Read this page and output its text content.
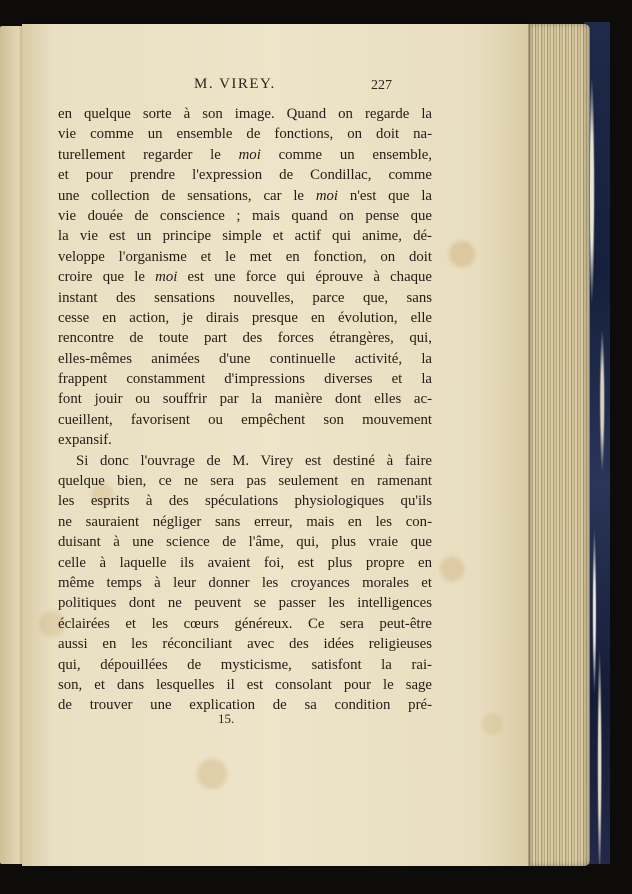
M. VIREY.	227
en quelque sorte à son image. Quand on regarde la
vie comme un ensemble de fonctions, on doit na-
turellement regarder le moi comme un ensemble,
et pour prendre l'expression de Condillac, comme
une collection de sensations, car le moi n'est que la
vie douée de conscience ; mais quand on pense que
la vie est un principe simple et actif qui anime, dé-
veloppe l'organisme et le met en fonction, on doit
croire que le moi est une force qui éprouve à chaque
instant des sensations nouvelles, parce que, sans
cesse en action, je dirais presque en évolution, elle
rencontre de toute part des forces étrangères, qui,
elles-mêmes animées d'une continuelle activité, la
frappent constamment d'impressions diverses et la
font jouir ou souffrir par la manière dont elles ac-
cueillent, favorisent ou empêchent son mouvement
expansif.
Si donc l'ouvrage de M. Virey est destiné à faire
quelque bien, ce ne sera pas seulement en ramenant
les esprits à des spéculations physiologiques qu'ils
ne sauraient négliger sans erreur, mais en les con-
duisant à une science de l'âme, qui, plus vraie que
celle à laquelle ils avaient foi, est plus propre en
même temps à leur donner les croyances morales et
politiques dont ne peuvent se passer les intelligences
éclairées et les cœurs généreux. Ce sera peut-être
aussi en les réconciliant avec des idées religieuses
qui, dépouillées de mysticisme, satisfont la rai-
son, et dans lesquelles il est consolant pour le sage
de trouver une explication de sa condition pré-
15.
